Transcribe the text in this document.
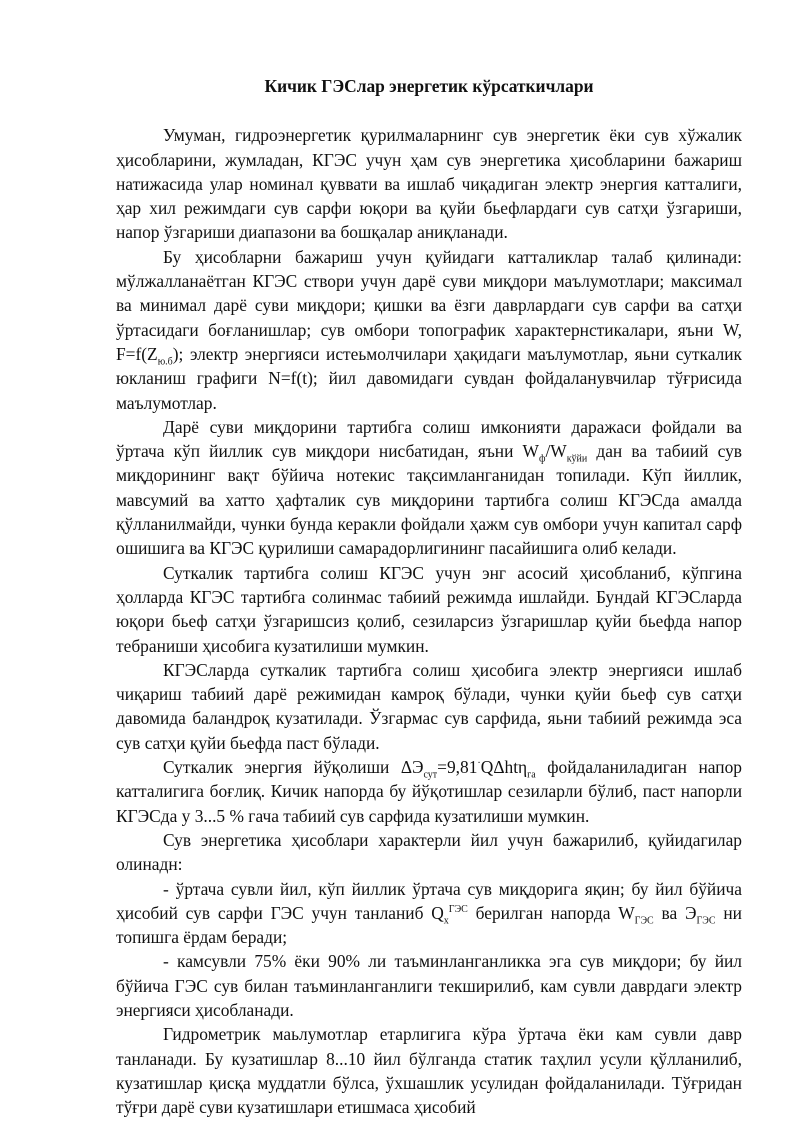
Кичик ГЭСлар энергетик кўрсаткичлари

Умуман, гидроэнергетик қурилмаларнинг сув энергетик ёки сув хўжалик ҳисобларини, жумладан, КГЭС учун ҳам сув энергетика ҳисобларини бажариш натижасида улар номинал қуввати ва ишлаб чиқадиган электр энергия катталиги, ҳар хил режимдаги сув сарфи юқори ва қуйи бьефлардаги сув сатҳи ўзгариши, напор ўзгариши диапазони ва бошқалар аниқланади.

Бу ҳисобларни бажариш учун қуйидаги катталиклар талаб қилинади: мўлжалланаётган КГЭС створи учун дарё суви миқдори маълумотлари; максимал ва минимал дарё суви миқдори; қишки ва ёзги даврлардаги сув сарфи ва сатҳи ўртасидаги боғланишлар; сув омбори топографик характернстикалари, яъни W, $F=f(Z_{ю.б})$; электр энергияси истеьмолчилари ҳақидаги маълумотлар, яьни суткалик юкланиш графиги N=f(t); йил давомидаги сувдан фойдаланувчилар тўғрисида маълумотлар.

Дарё суви миқдорини тартибга солиш имконияти даражаси фойдали ва ўртача кўп йиллик сув миқдори нисбатидан, яъни $W_ф/W_{кўйи}$ дан ва табиий сув миқдорининг вақт бўйича нотекис тақсимланганидан топилади. Кўп йиллик, мавсумий ва хатто ҳафталик сув миқдорини тартибга солиш КГЭСда амалда қўлланилмайди, чунки бунда керакли фойдали ҳажм сув омбори учун капитал сарф ошишига ва КГЭС қурилиши самарадорлигининг пасайишига олиб келади.

Суткалик тартибга солиш КГЭС учун энг асосий ҳисобланиб, кўпгина ҳолларда КГЭС тартибга солинмас табиий режимда ишлайди. Бундай КГЭСларда юқори бьеф сатҳи ўзгаришсиз қолиб, сезиларсиз ўзгаришлар қуйи бьефда напор тебраниши ҳисобига кузатилиши мумкин.

КГЭСларда суткалик тартибга солиш ҳисобига электр энергияси ишлаб чиқариш табиий дарё режимидан камроқ бўлади, чунки қуйи бьеф сув сатҳи давомида баландроқ кузатилади. Ўзгармас сув сарфида, яьни табиий режимда эса сув сатҳи қуйи бьефда паст бўлади.

Суткалик энергия йўқолиши $\Delta Э_{сут}=9,81^\cdot Q\Delta ht\eta_{га}$ фойдаланиладиган напор катталигига боғлиқ. Кичик напорда бу йўқотишлар сезиларли бўлиб, паст напорли КГЭСда у 3...5 % гача табиий сув сарфида кузатилиши мумкин.

Сув энергетика ҳисоблари характерли йил учун бажарилиб, қуйидагилар олинадн:

- ўртача сувли йил, кўп йиллик ўртача сув миқдорига яқин; бу йил бўйича ҳисобий сув сарфи ГЭС учун танланиб $Q_x^{ГЭС}$ берилган напорда $W_{ГЭС}$ ва $Э_{ГЭС}$ ни топишга ёрдам беради;

- камсувли 75% ёки 90% ли таъминланганликка эга сув миқдори; бу йил бўйича ГЭС сув билан таъминланганлиги текширилиб, кам сувли даврдаги электр энергияси ҳисобланади.

Гидрометрик маьлумотлар етарлигига кўра ўртача ёки кам сувли давр танланади. Бу кузатишлар 8...10 йил бўлганда статик таҳлил усули қўлланилиб, кузатишлар қисқа муддатли бўлса, ўхшашлик усулидан фойдаланилади. Тўғридан тўғри дарё суви кузатишлари етишмаса ҳисобий
